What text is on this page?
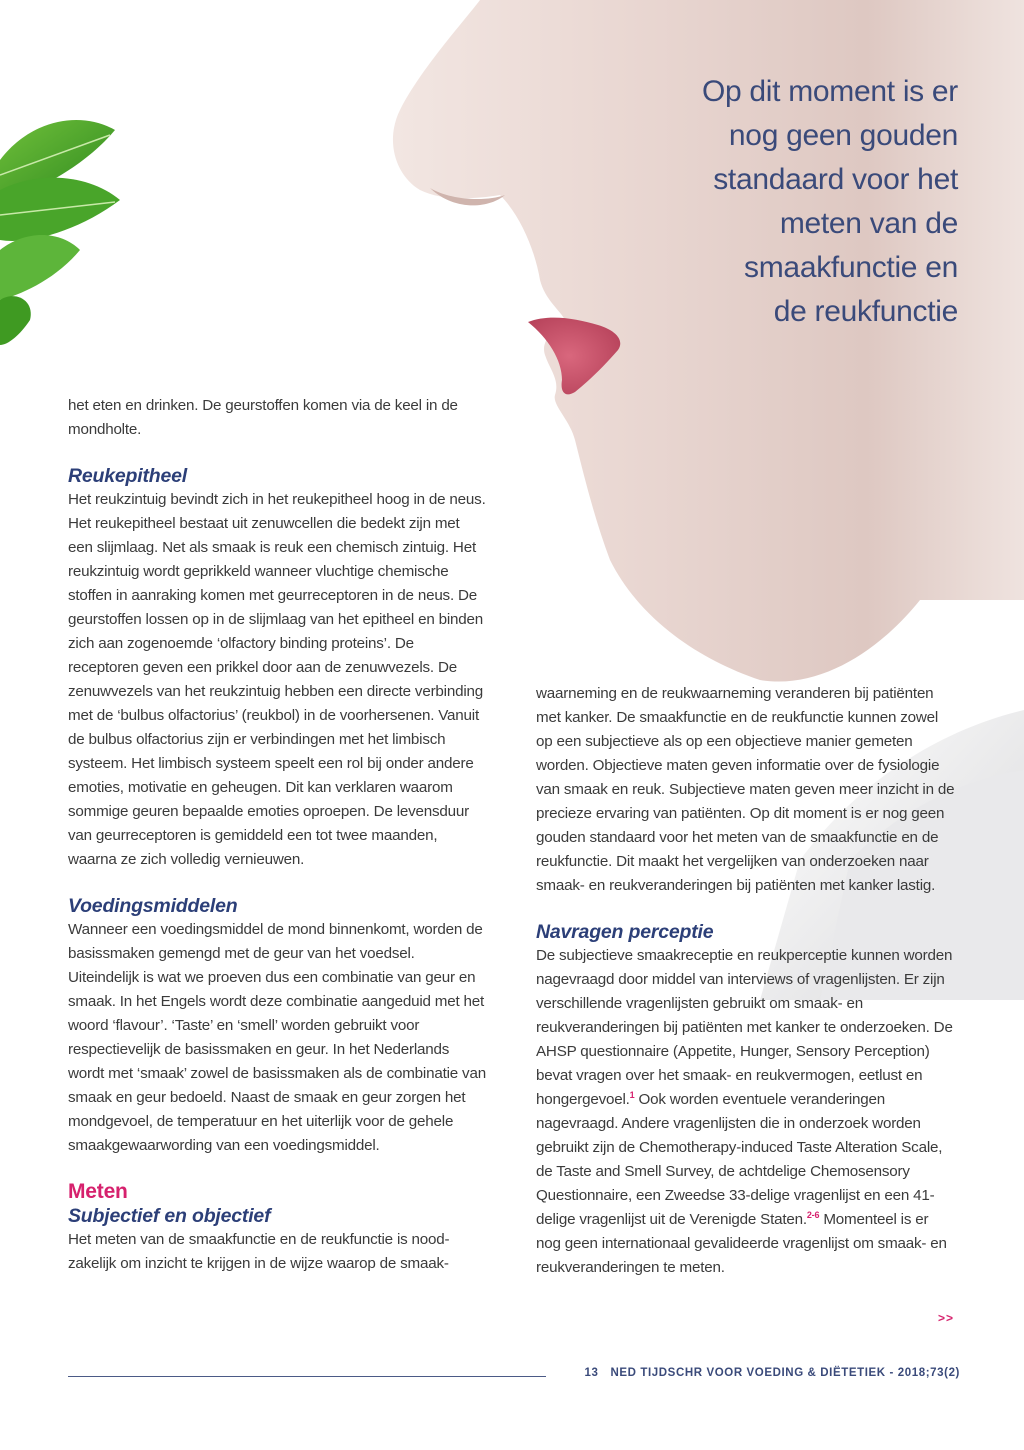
Op dit moment is er
nog geen gouden
standaard voor het
meten van de
smaakfunctie en
de reukfunctie

het eten en drinken. De geurstoffen komen via de keel in de mondholte.

Reukepitheel

Het reukzintuig bevindt zich in het reukepitheel hoog in de neus. Het reukepitheel bestaat uit zenuwcellen die bedekt zijn met een slijmlaag. Net als smaak is reuk een chemisch zintuig. Het reukzintuig wordt geprikkeld wanneer vluchtige chemische stoffen in aanraking komen met geurreceptoren in de neus. De geurstoffen lossen op in de slijmlaag van het epitheel en binden zich aan zogenoemde ‘olfactory binding proteins’. De receptoren geven een prikkel door aan de zenuwvezels. De zenuwvezels van het reukzintuig hebben een directe verbinding met de ‘bulbus olfactorius’ (reukbol) in de voorhersenen. Vanuit de bulbus olfactorius zijn er verbindingen met het limbisch systeem. Het limbisch systeem speelt een rol bij onder andere emoties, motivatie en geheugen. Dit kan verklaren waarom sommige geuren bepaalde emoties oproepen. De levensduur van geurreceptoren is gemiddeld een tot twee maanden, waarna ze zich volledig vernieuwen.

Voedingsmiddelen

Wanneer een voedingsmiddel de mond binnenkomt, worden de basissmaken gemengd met de geur van het voedsel. Uiteindelijk is wat we proeven dus een combinatie van geur en smaak. In het Engels wordt deze combinatie aangeduid met het woord ‘flavour’. ‘Taste’ en ‘smell’ worden gebruikt voor respectievelijk de basissmaken en geur. In het Nederlands wordt met ‘smaak’ zowel de basissmaken als de combinatie van smaak en geur bedoeld. Naast de smaak en geur zorgen het mondgevoel, de temperatuur en het uiterlijk voor de gehele smaakgewaarwording van een voedingsmiddel.

Meten
Subjectief en objectief

Het meten van de smaakfunctie en de reukfunctie is noodzakelijk om inzicht te krijgen in de wijze waarop de smaak-

waarneming en de reukwaarneming veranderen bij patiënten met kanker. De smaakfunctie en de reukfunctie kunnen zowel op een subjectieve als op een objectieve manier gemeten worden. Objectieve maten geven informatie over de fysiologie van smaak en reuk. Subjectieve maten geven meer inzicht in de precieze ervaring van patiënten. Op dit moment is er nog geen gouden standaard voor het meten van de smaakfunctie en de reukfunctie. Dit maakt het vergelijken van onderzoeken naar smaak- en reukveranderingen bij patiënten met kanker lastig.

Navragen perceptie

De subjectieve smaakreceptie en reukperceptie kunnen worden nagevraagd door middel van interviews of vragenlijsten. Er zijn verschillende vragenlijsten gebruikt om smaak- en reukveranderingen bij patiënten met kanker te onderzoeken. De AHSP questionnaire (Appetite, Hunger, Sensory Perception) bevat vragen over het smaak- en reukvermogen, eetlust en hongergevoel.$^1$ Ook worden eventuele veranderingen nagevraagd. Andere vragenlijsten die in onderzoek worden gebruikt zijn de Chemotherapy-induced Taste Alteration Scale, de Taste and Smell Survey, de achtdelige Chemosensory Questionnaire, een Zweedse 33-delige vragenlijst en een 41-delige vragenlijst uit de Verenigde Staten.$^{2-6}$ Momenteel is er nog geen internationaal gevalideerde vragenlijst om smaak- en reukveranderingen te meten.

>>
13 NED TIJDSCHR VOOR VOEDING & DIËTETIEK - 2018;73(2)
